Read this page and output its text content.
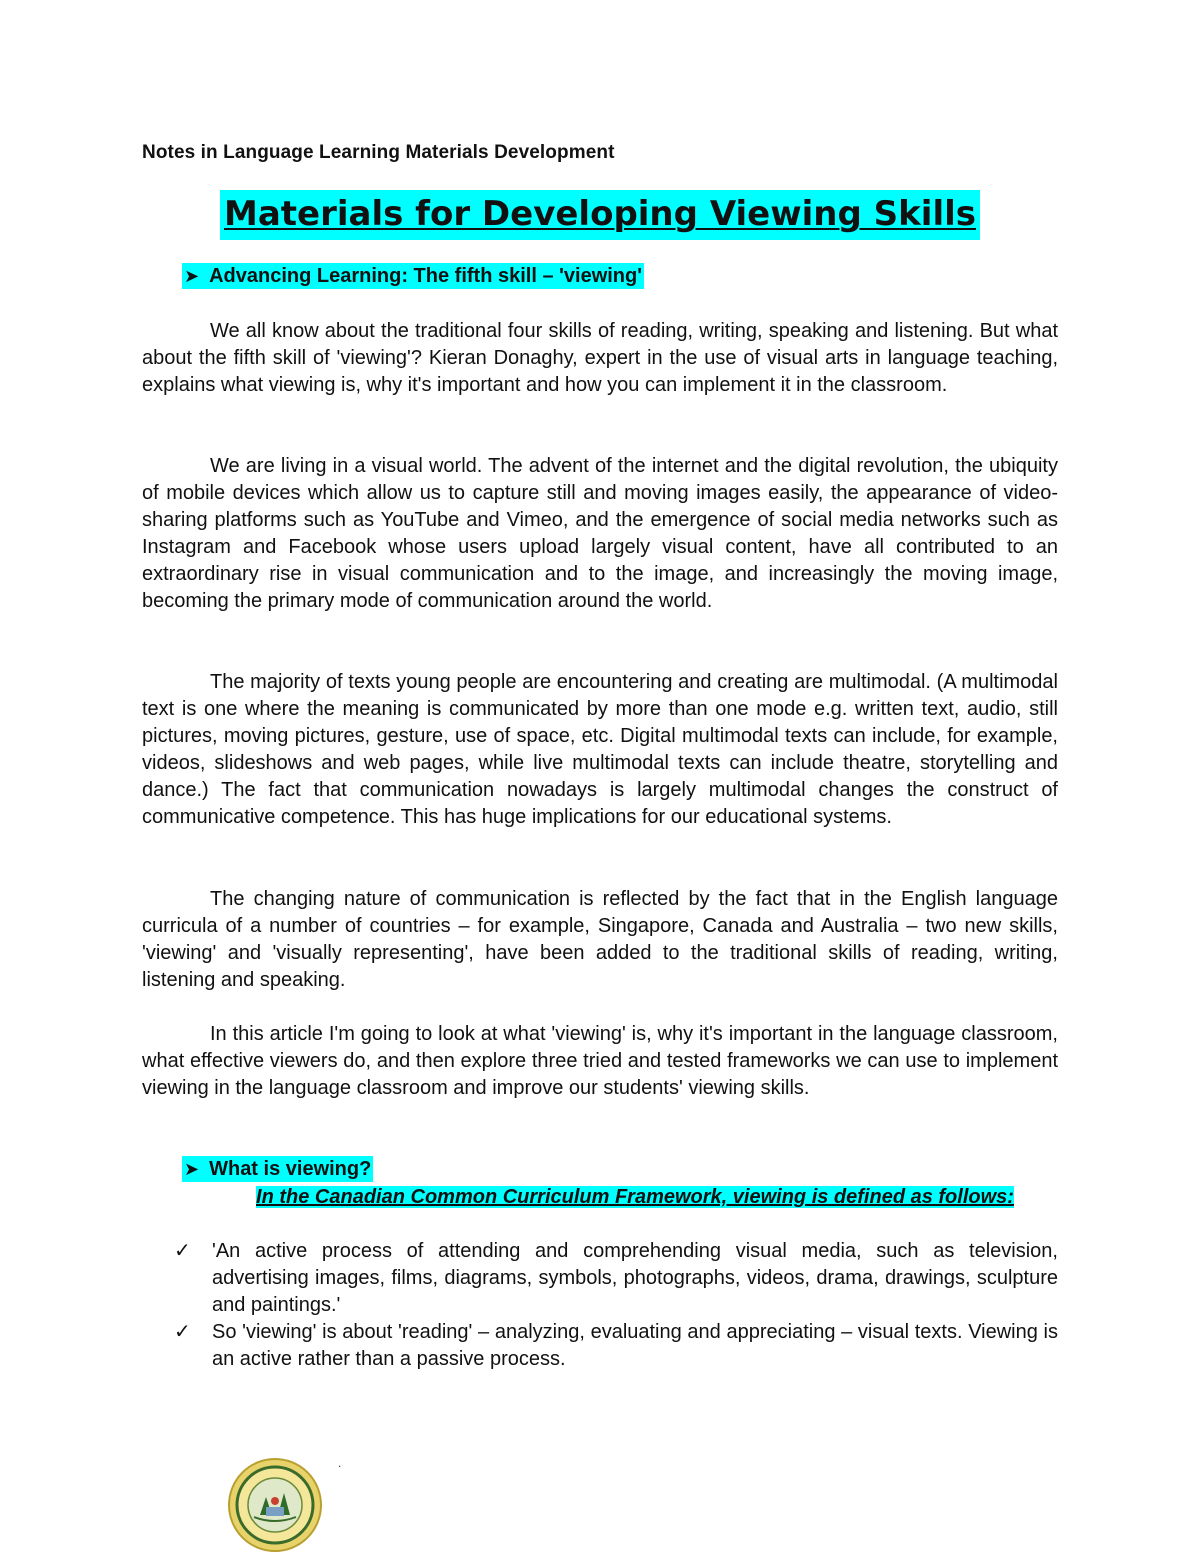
Notes in Language Learning Materials Development
Materials for Developing Viewing Skills
➤ Advancing Learning: The fifth skill – 'viewing'

We all know about the traditional four skills of reading, writing, speaking and listening. But what about the fifth skill of 'viewing'? Kieran Donaghy, expert in the use of visual arts in language teaching, explains what viewing is, why it's important and how you can implement it in the classroom.

We are living in a visual world. The advent of the internet and the digital revolution, the ubiquity of mobile devices which allow us to capture still and moving images easily, the appearance of video-sharing platforms such as YouTube and Vimeo, and the emergence of social media networks such as Instagram and Facebook whose users upload largely visual content, have all contributed to an extraordinary rise in visual communication and to the image, and increasingly the moving image, becoming the primary mode of communication around the world.

The majority of texts young people are encountering and creating are multimodal. (A multimodal text is one where the meaning is communicated by more than one mode e.g. written text, audio, still pictures, moving pictures, gesture, use of space, etc. Digital multimodal texts can include, for example, videos, slideshows and web pages, while live multimodal texts can include theatre, storytelling and dance.) The fact that communication nowadays is largely multimodal changes the construct of communicative competence. This has huge implications for our educational systems.

The changing nature of communication is reflected by the fact that in the English language curricula of a number of countries – for example, Singapore, Canada and Australia – two new skills, 'viewing' and 'visually representing', have been added to the traditional skills of reading, writing, listening and speaking.

In this article I'm going to look at what 'viewing' is, why it's important in the language classroom, what effective viewers do, and then explore three tried and tested frameworks we can use to implement viewing in the language classroom and improve our students' viewing skills.

➤ What is viewing?
In the Canadian Common Curriculum Framework, viewing is defined as follows:
✓ 'An active process of attending and comprehending visual media, such as television, advertising images, films, diagrams, symbols, photographs, videos, drama, drawings, sculpture and paintings.'
✓ So 'viewing' is about 'reading' – analyzing, evaluating and appreciating – visual texts. Viewing is an active rather than a passive process.
.
